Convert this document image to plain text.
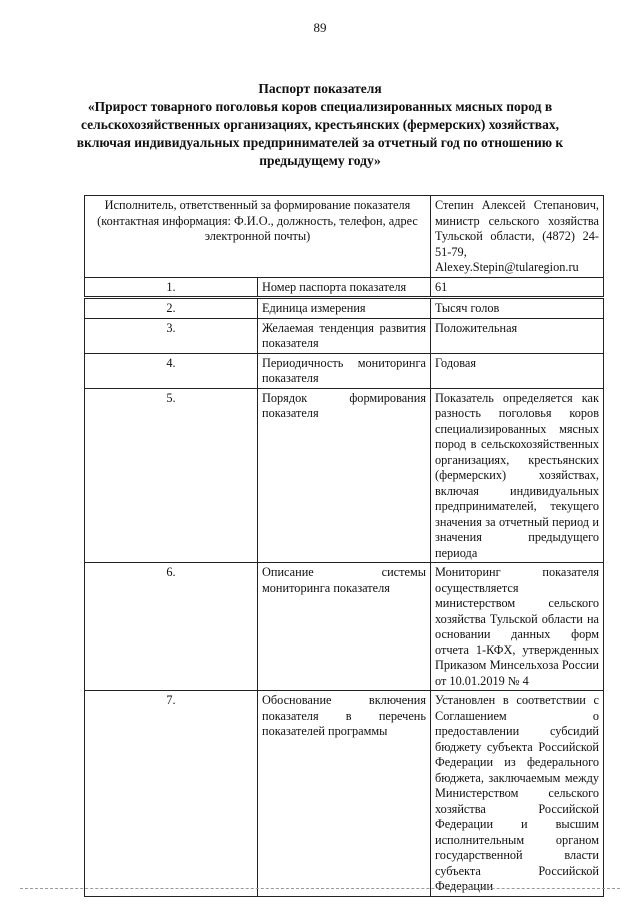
89
Паспорт показателя
«Прирост товарного поголовья коров специализированных мясных пород в сельскохозяйственных организациях, крестьянских (фермерских) хозяйствах, включая индивидуальных предпринимателей за отчетный год по отношению к предыдущему году»
Исполнитель, ответственный за формирование показателя (контактная информация: Ф.И.О., должность, телефон, адрес электронной почты)		Степин Алексей Степанович, министр сельского хозяйства Тульской области, (4872) 24-51-79, Alexey.Stepin@tularegion.ru
1.	Номер паспорта показателя	61
2.	Единица измерения	Тысяч голов
3.	Желаемая тенденция развития показателя	Положительная
4.	Периодичность мониторинга показателя	Годовая
5.	Порядок формирования показателя	Показатель определяется как разность поголовья коров специализированных мясных пород в сельскохозяйственных организациях, крестьянских (фермерских) хозяйствах, включая индивидуальных предпринимателей, текущего значения за отчетный период и значения предыдущего периода
6.	Описание системы мониторинга показателя	Мониторинг показателя осуществляется министерством сельского хозяйства Тульской области на основании данных форм отчета 1-КФХ, утвержденных Приказом Минсельхоза России от 10.01.2019 № 4
7.	Обоснование включения показателя в перечень показателей программы	Установлен в соответствии с Соглашением о предоставлении субсидий бюджету субъекта Российской Федерации из федерального бюджета, заключаемым между Министерством сельского хозяйства Российской Федерации и высшим исполнительным органом государственной власти субъекта Российской Федерации
